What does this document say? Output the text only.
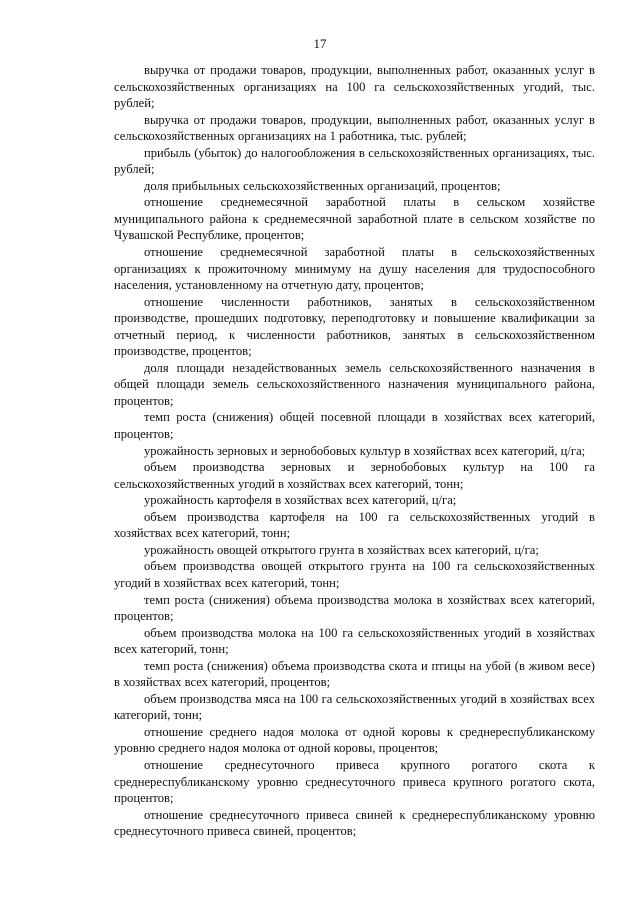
17

выручка от продажи товаров, продукции, выполненных работ, оказанных услуг в сельскохозяйственных организациях на 100 га сельскохозяйственных угодий, тыс. рублей;

выручка от продажи товаров, продукции, выполненных работ, оказанных услуг в сельскохозяйственных организациях на 1 работника, тыс. рублей;

прибыль (убыток) до налогообложения в сельскохозяйственных организациях, тыс. рублей;

доля прибыльных сельскохозяйственных организаций, процентов;

отношение среднемесячной заработной платы в сельском хозяйстве муниципального района к среднемесячной заработной плате в сельском хозяйстве по Чувашской Республике, процентов;

отношение среднемесячной заработной платы в сельскохозяйственных организациях к прожиточному минимуму на душу населения для трудоспособного населения, установленному на отчетную дату, процентов;

отношение численности работников, занятых в сельскохозяйственном производстве, прошедших подготовку, переподготовку и повышение квалификации за отчетный период, к численности работников, занятых в сельскохозяйственном производстве, процентов;

доля площади незадействованных земель сельскохозяйственного назначения в общей площади земель сельскохозяйственного назначения муниципального района, процентов;

темп роста (снижения) общей посевной площади в хозяйствах всех категорий, процентов;

урожайность зерновых и зернобобовых культур в хозяйствах всех категорий, ц/га;

объем производства зерновых и зернобобовых культур на 100 га сельскохозяйственных угодий в хозяйствах всех категорий, тонн;

урожайность картофеля в хозяйствах всех категорий, ц/га;

объем производства картофеля на 100 га сельскохозяйственных угодий в хозяйствах всех категорий, тонн;

урожайность овощей открытого грунта в хозяйствах всех категорий, ц/га;

объем производства овощей открытого грунта на 100 га сельскохозяйственных угодий в хозяйствах всех категорий, тонн;

темп роста (снижения) объема производства молока в хозяйствах всех категорий, процентов;

объем производства молока на 100 га сельскохозяйственных угодий в хозяйствах всех категорий, тонн;

темп роста (снижения) объема производства скота и птицы на убой (в живом весе) в хозяйствах всех категорий, процентов;

объем производства мяса на 100 га сельскохозяйственных угодий в хозяйствах всех категорий, тонн;

отношение среднего надоя молока от одной коровы к среднереспубликанскому уровню среднего надоя молока от одной коровы, процентов;

отношение среднесуточного привеса крупного рогатого скота к среднереспубликанскому уровню среднесуточного привеса крупного рогатого скота, процентов;

отношение среднесуточного привеса свиней к среднереспубликанскому уровню среднесуточного привеса свиней, процентов;
